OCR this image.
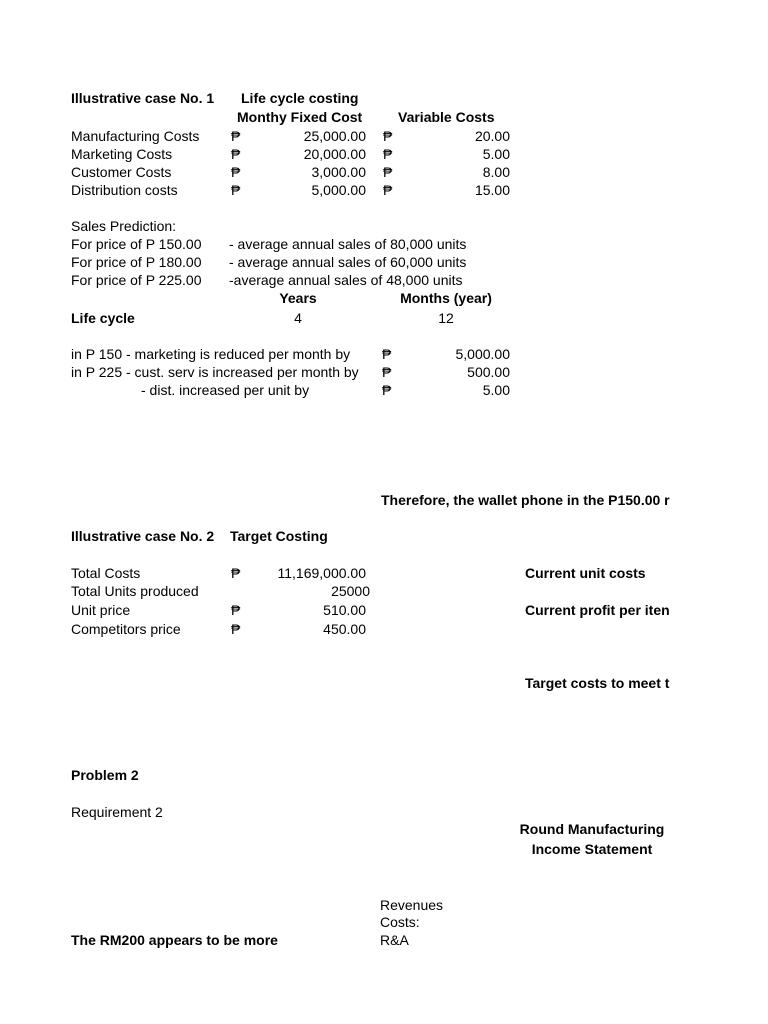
Illustrative case No. 1 Life cycle costing
Monthy Fixed Cost	Variable Costs
Manufacturing Costs ₱	25,000.00 ₱	20.00
Marketing Costs	₱	20,000.00 ₱	5.00
Customer Costs	₱	3,000.00 ₱	8.00
Distribution costs	₱	5,000.00 ₱	15.00
Sales Prediction:
For price of P 150.00 - average annual sales of 80,000 units
For price of P 180.00 - average annual sales of 60,000 units
For price of P 225.00 -average annual sales of 48,000 units
Years	Months (year)
Life cycle	4	12
in P 150 - marketing is reduced per month by ₱	5,000.00
in P 225 - cust. serv is increased per month by ₱	500.00
- dist. increased per unit by	₱	5.00
Therefore, the wallet phone in the P150.00 r
Illustrative case No. 2 Target Costing
Total Costs	₱	11,169,000.00	Current unit costs
Total Units produced	25000
Unit price	₱	510.00	Current profit per iten
Competitors price	₱	450.00
Target costs to meet t
Problem 2
Requirement 2
Round Manufacturing
Income Statement
Revenues
Costs:
R&A
The RM200 appears to be more
